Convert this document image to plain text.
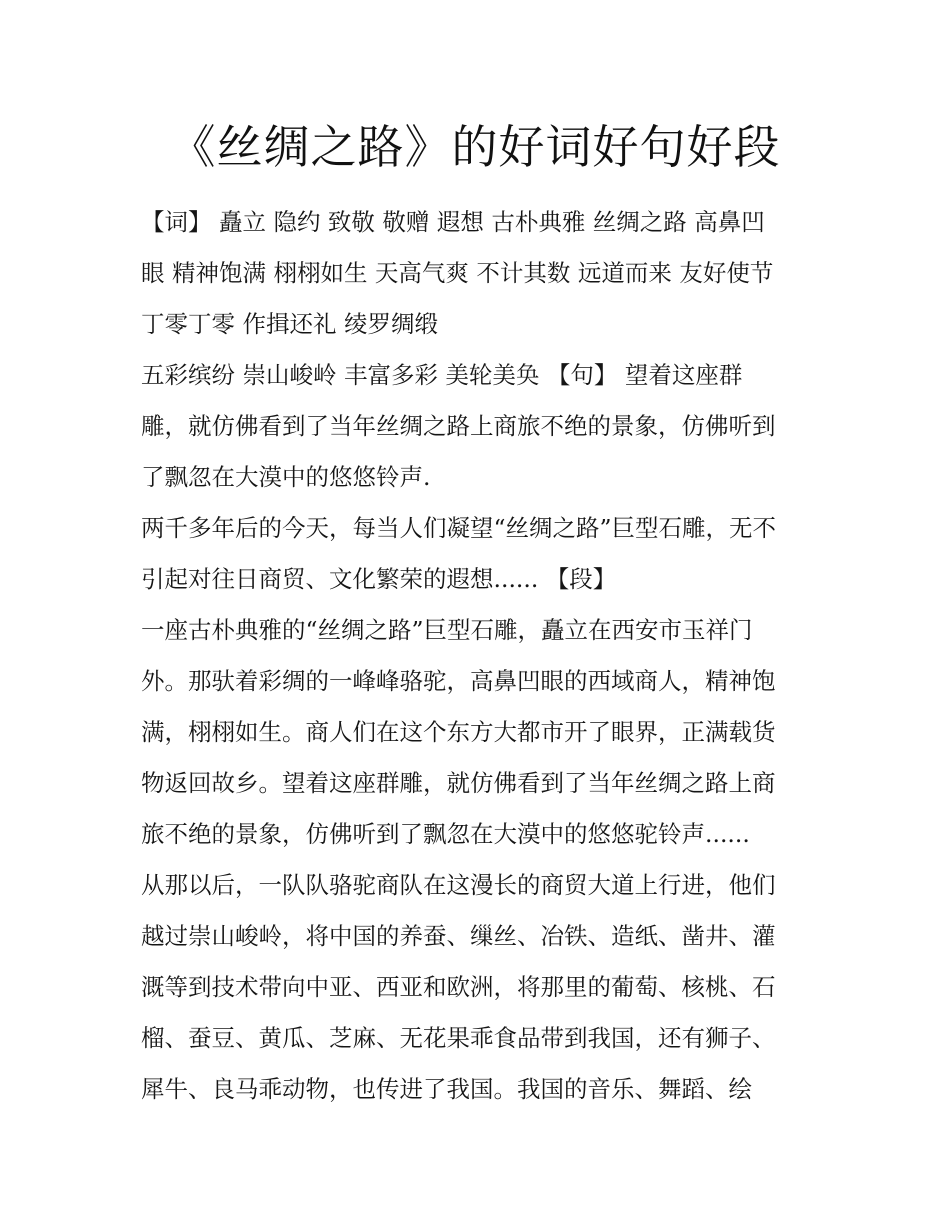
《丝绸之路》的好词好句好段
【词】 矗立 隐约 致敬 敬赠 遐想 古朴典雅 丝绸之路 高鼻凹
眼 精神饱满 栩栩如生 天高气爽 不计其数 远道而来 友好使节
丁零丁零 作揖还礼 绫罗绸缎
五彩缤纷 崇山峻岭 丰富多彩 美轮美奂 【句】 望着这座群
雕，就仿佛看到了当年丝绸之路上商旅不绝的景象，仿佛听到
了飘忽在大漠中的悠悠铃声.
两千多年后的今天，每当人们凝望“丝绸之路”巨型石雕，无不
引起对往日商贸、文化繁荣的遐想...... 【段】
一座古朴典雅的“丝绸之路”巨型石雕，矗立在西安市玉祥门
外。那驮着彩绸的一峰峰骆驼，高鼻凹眼的西域商人，精神饱
满，栩栩如生。商人们在这个东方大都市开了眼界，正满载货
物返回故乡。望着这座群雕，就仿佛看到了当年丝绸之路上商
旅不绝的景象，仿佛听到了飘忽在大漠中的悠悠驼铃声......
从那以后，一队队骆驼商队在这漫长的商贸大道上行进，他们
越过崇山峻岭，将中国的养蚕、缫丝、冶铁、造纸、凿井、灌
溉等到技术带向中亚、西亚和欧洲，将那里的葡萄、核桃、石
榴、蚕豆、黄瓜、芝麻、无花果乖食品带到我国，还有狮子、
犀牛、良马乖动物，也传进了我国。我国的音乐、舞蹈、绘
